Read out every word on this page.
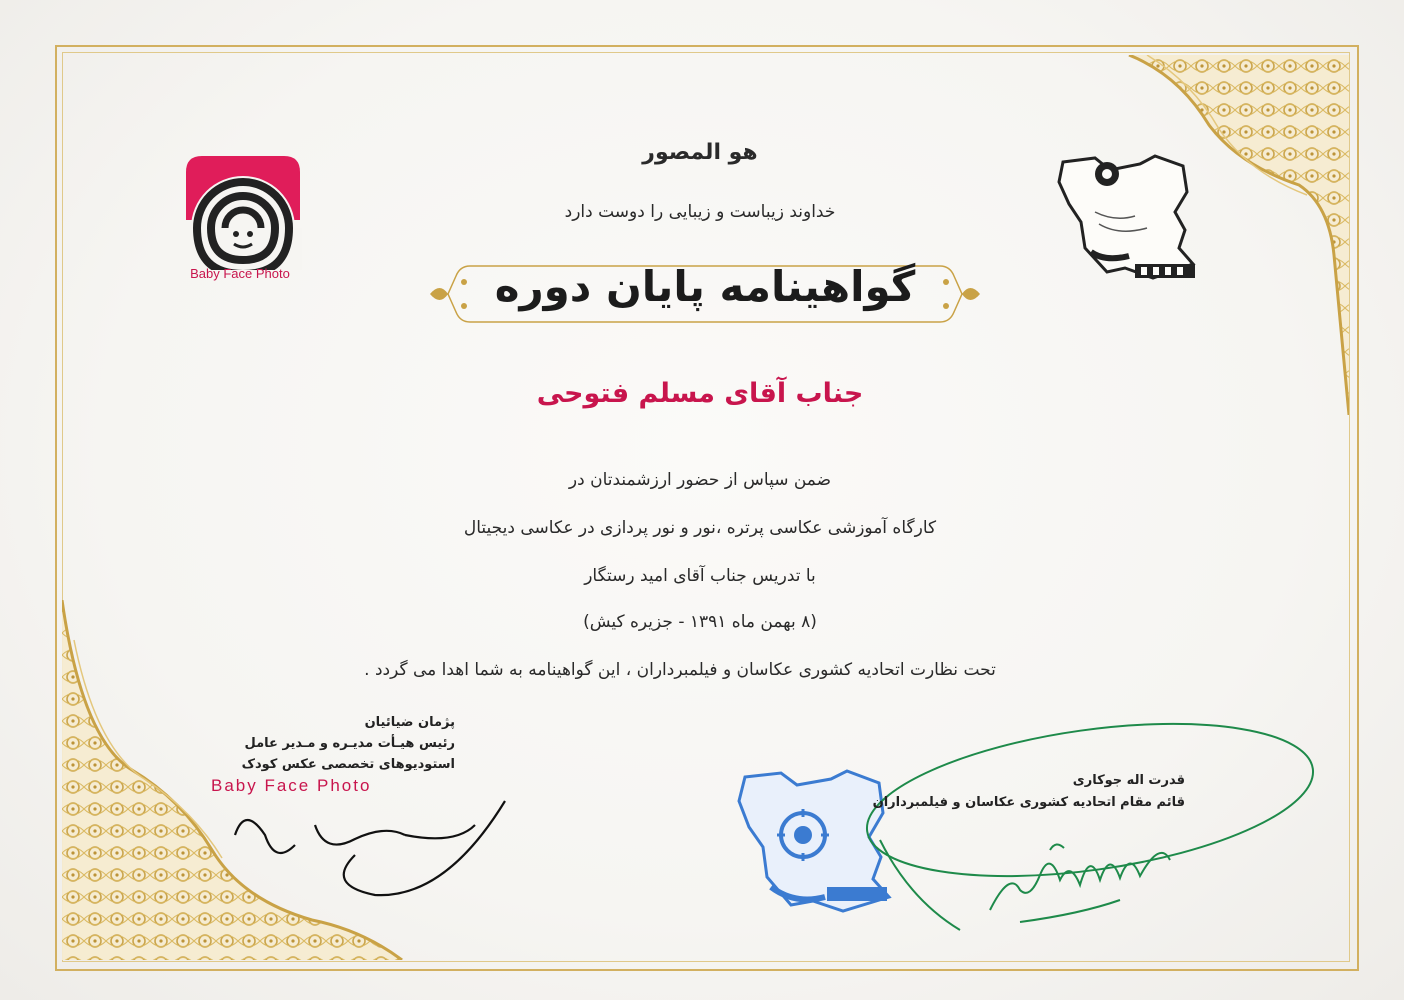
Baby Face Photo
هو المصور
خداوند زیباست و زیبایی را دوست دارد
گواهینامه پایان دوره
جناب آقای مسلم فتوحی
ضمن سپاس از حضور ارزشمندتان در
کارگاه آموزشی عکاسی پرتره ،نور و نور پردازی در عکاسی دیجیتال
با تدریس جناب آقای امید رستگار
(۸ بهمن ماه ۱۳۹۱ - جزیره کیش)
تحت نظارت اتحادیه کشوری عکاسان و فیلمبرداران ، این گواهینامه به شما اهدا می گردد .
پژمان ضیائیان
رئیس هیـأت مدیـره و مـدیر عامل
استودیوهای تخصصی عکس کودک
Baby Face Photo	قدرت اله جوکاری
قائم مقام اتحادیه کشوری عکاسان و فیلمبرداران
